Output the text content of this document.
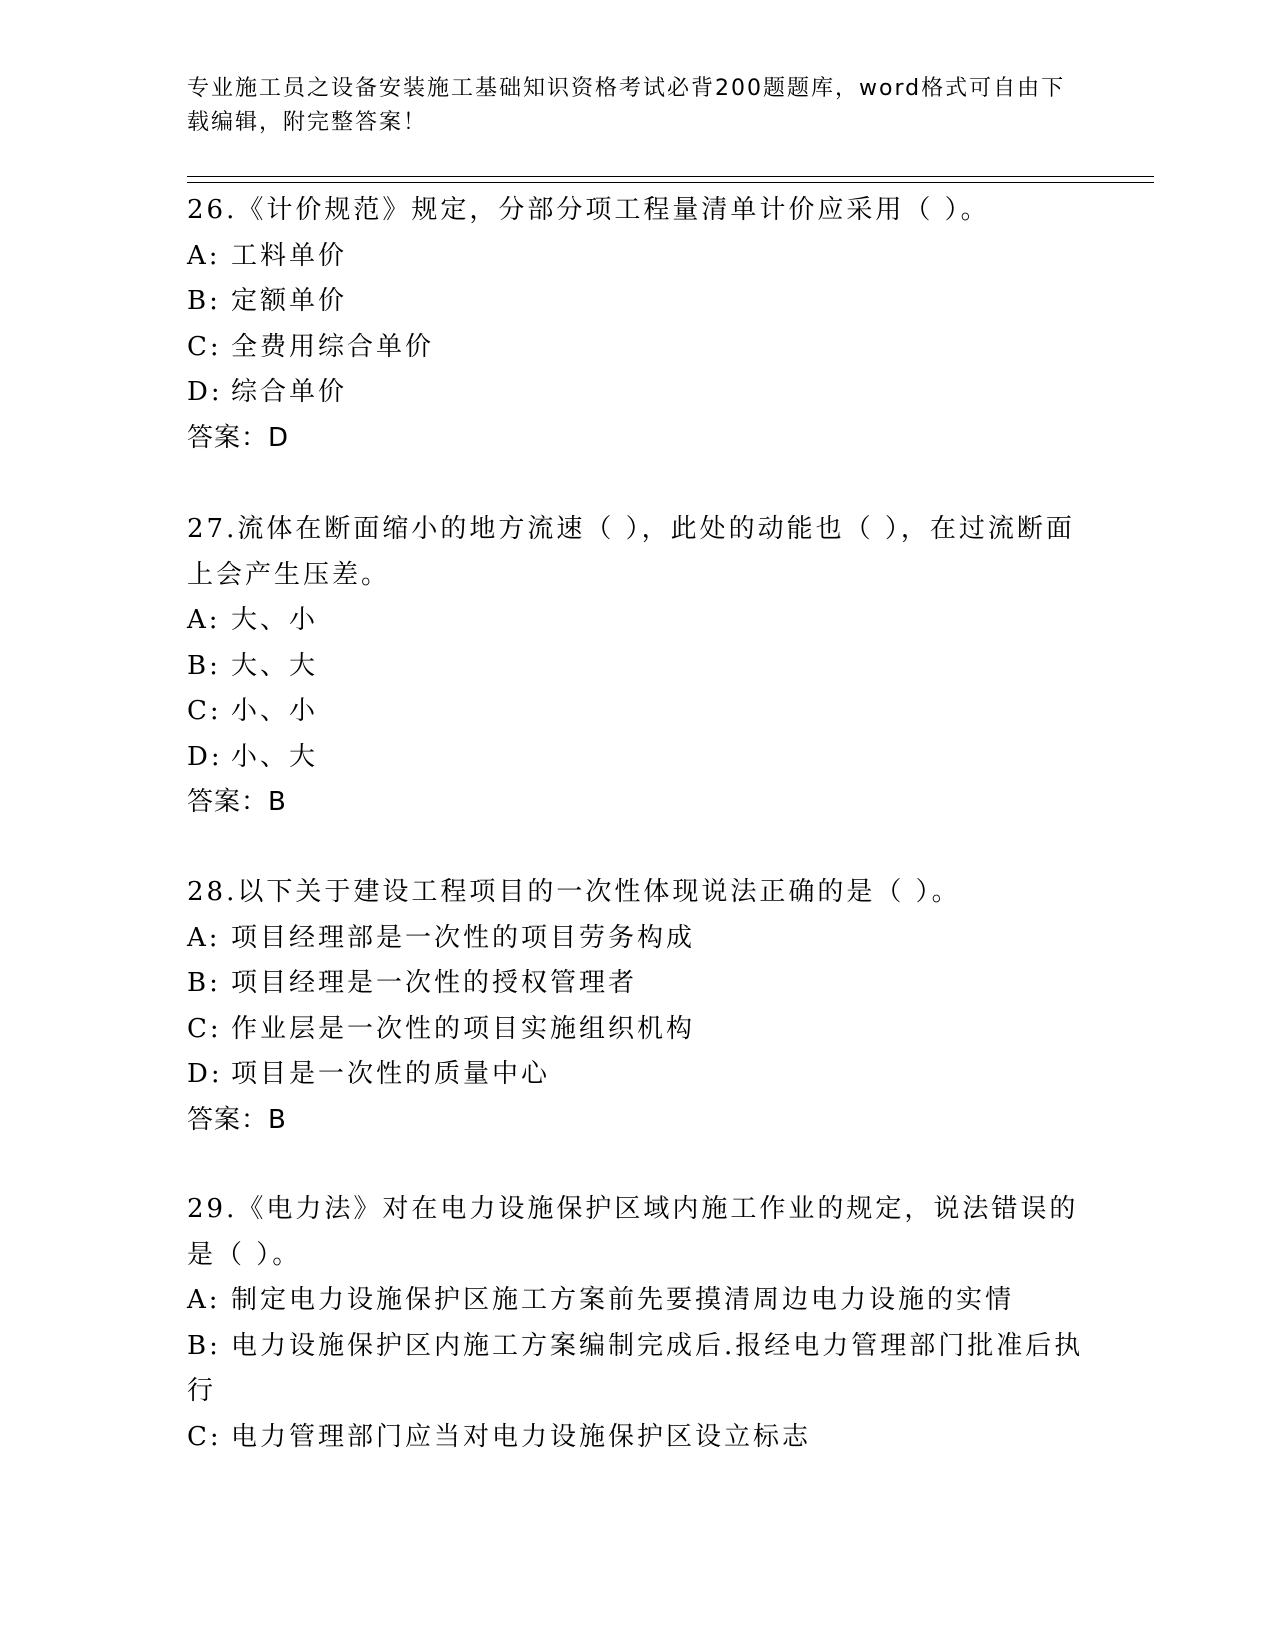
专业施工员之设备安装施工基础知识资格考试必背200题题库，word格式可自由下载编辑，附完整答案！
26.《计价规范》规定，分部分项工程量清单计价应采用（ ）。
A: 工料单价
B: 定额单价
C: 全费用综合单价
D: 综合单价
答案：D
27.流体在断面缩小的地方流速（ ），此处的动能也（ ），在过流断面上会产生压差。
A: 大、小
B: 大、大
C: 小、小
D: 小、大
答案：B
28.以下关于建设工程项目的一次性体现说法正确的是（ ）。
A: 项目经理部是一次性的项目劳务构成
B: 项目经理是一次性的授权管理者
C: 作业层是一次性的项目实施组织机构
D: 项目是一次性的质量中心
答案：B
29.《电力法》对在电力设施保护区域内施工作业的规定，说法错误的是（ ）。
A: 制定电力设施保护区施工方案前先要摸清周边电力设施的实情
B: 电力设施保护区内施工方案编制完成后.报经电力管理部门批准后执行
C: 电力管理部门应当对电力设施保护区设立标志
